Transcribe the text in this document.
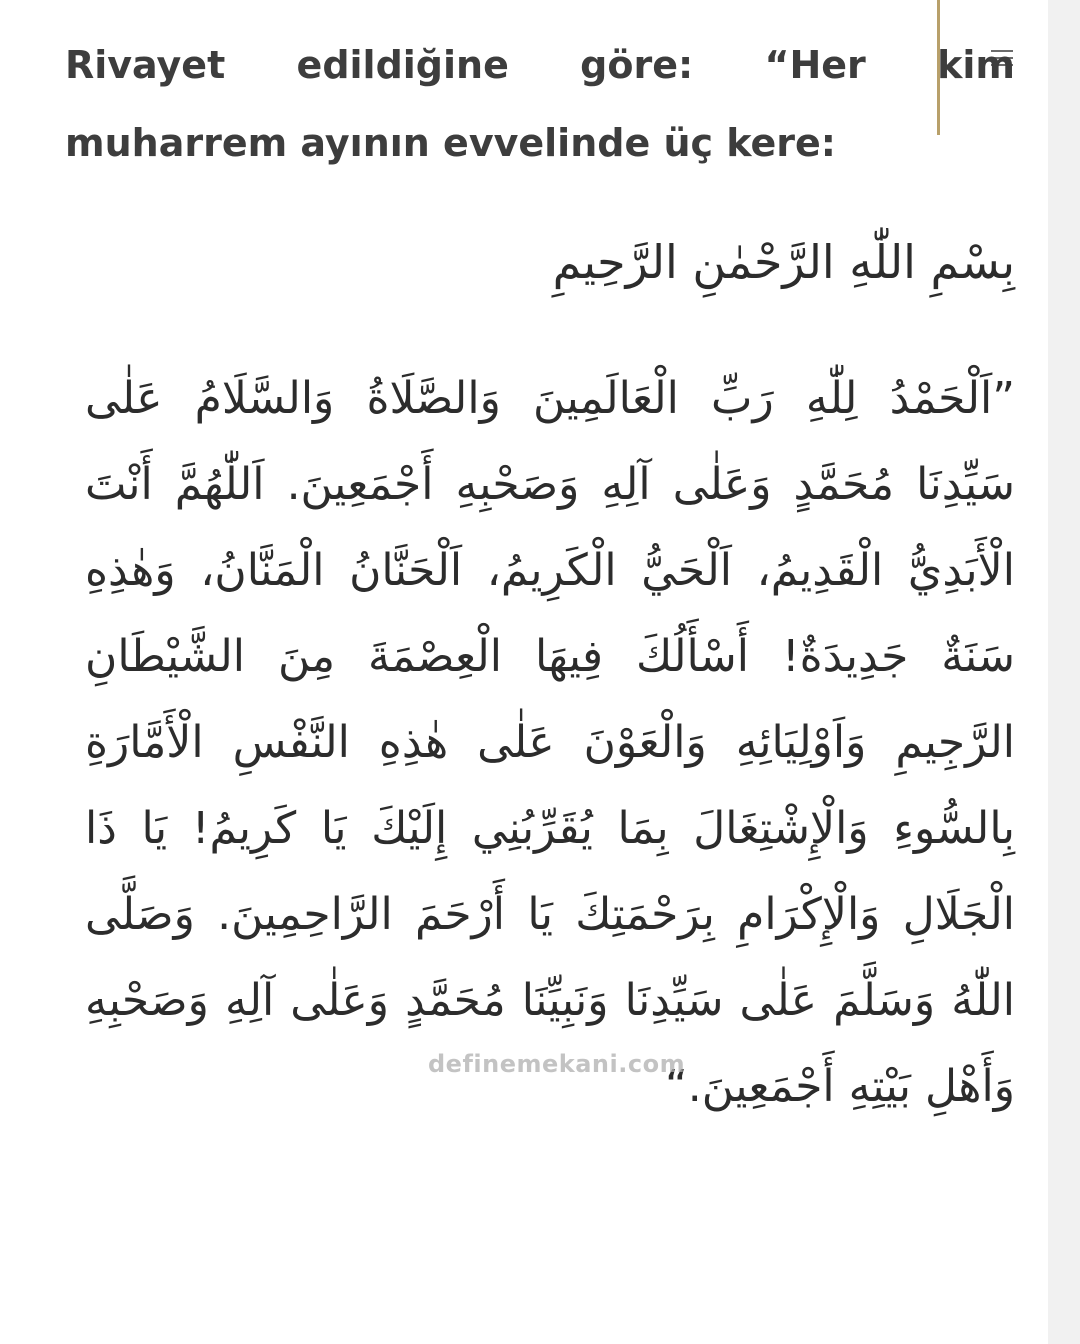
Rivayet edildiğine göre: “Her kim muharrem ayının evvelinde üç kere:

بِسْمِ اللّٰهِ الرَّحْمٰنِ الرَّحِيمِ

”اَلْحَمْدُ لِلّٰهِ رَبِّ الْعَالَمِينَ وَالصَّلَاةُ وَالسَّلَامُ عَلٰى سَيِّدِنَا مُحَمَّدٍ وَعَلٰى آلِهِ وَصَحْبِهِ أَجْمَعِينَ. اَللّٰهُمَّ أَنْتَ الْأَبَدِيُّ الْقَدِيمُ، اَلْحَيُّ الْكَرِيمُ، اَلْحَنَّانُ الْمَنَّانُ، وَهٰذِهِ سَنَةٌ جَدِيدَةٌ! أَسْأَلُكَ فِيهَا الْعِصْمَةَ مِنَ الشَّيْطَانِ الرَّجِيمِ وَاَوْلِيَائِهِ وَالْعَوْنَ عَلٰى هٰذِهِ النَّفْسِ الْأَمَّارَةِ بِالسُّوءِ وَالْإِشْتِغَالَ بِمَا يُقَرِّبُنِي إِلَيْكَ يَا كَرِيمُ! يَا ذَا الْجَلَالِ وَالْإِكْرَامِ بِرَحْمَتِكَ يَا أَرْحَمَ الرَّاحِمِينَ. وَصَلَّى اللّٰهُ وَسَلَّمَ عَلٰى سَيِّدِنَا وَنَبِيِّنَا مُحَمَّدٍ وَعَلٰى آلِهِ وَصَحْبِهِ وَأَهْلِ بَيْتِهِ أَجْمَعِينَ.“

definemekani.com
